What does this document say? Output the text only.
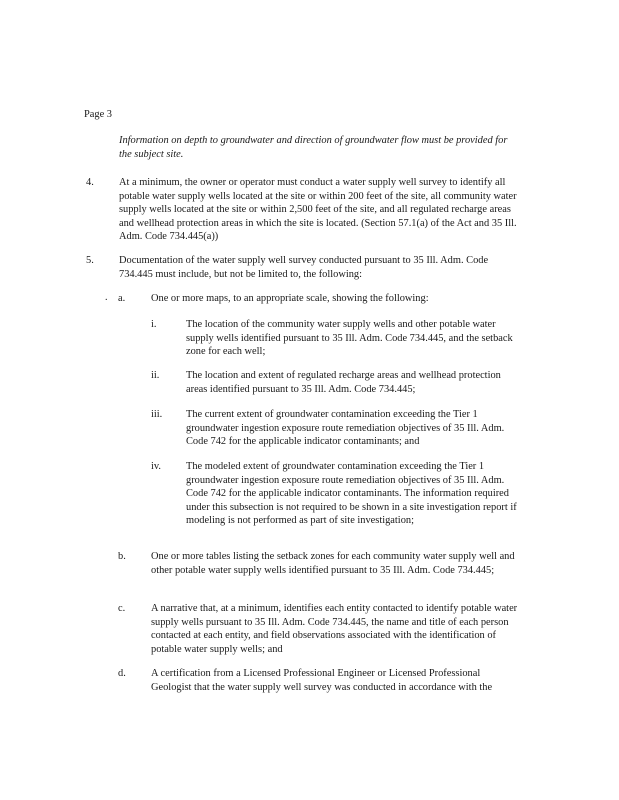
Page 3
Information on depth to groundwater and direction of groundwater flow must be provided for the subject site.
4. At a minimum, the owner or operator must conduct a water supply well survey to identify all potable water supply wells located at the site or within 200 feet of the site, all community water supply wells located at the site or within 2,500 feet of the site, and all regulated recharge areas and wellhead protection areas in which the site is located. (Section 57.1(a) of the Act and 35 Ill. Adm. Code 734.445(a))
5. Documentation of the water supply well survey conducted pursuant to 35 Ill. Adm. Code 734.445 must include, but not be limited to, the following:
. a. One or more maps, to an appropriate scale, showing the following:
i.	The location of the community water supply wells and other potable water supply wells identified pursuant to 35 Ill. Adm. Code 734.445, and the setback zone for each well;
ii.	The location and extent of regulated recharge areas and wellhead protection areas identified pursuant to 35 Ill. Adm. Code 734.445;
iii. The current extent of groundwater contamination exceeding the Tier 1 groundwater ingestion exposure route remediation objectives of 35 Ill. Adm. Code 742 for the applicable indicator contaminants; and
iv. The modeled extent of groundwater contamination exceeding the Tier 1 groundwater ingestion exposure route remediation objectives of 35 Ill. Adm. Code 742 for the applicable indicator contaminants. The information required under this subsection is not required to be shown in a site investigation report if modeling is not performed as part of site investigation;
b. One or more tables listing the setback zones for each community water supply well and other potable water supply wells identified pursuant to 35 Ill. Adm. Code 734.445;
c. A narrative that, at a minimum, identifies each entity contacted to identify potable water supply wells pursuant to 35 Ill. Adm. Code 734.445, the name and title of each person contacted at each entity, and field observations associated with the identification of potable water supply wells; and
d. A certification from a Licensed Professional Engineer or Licensed Professional Geologist that the water supply well survey was conducted in accordance with the
